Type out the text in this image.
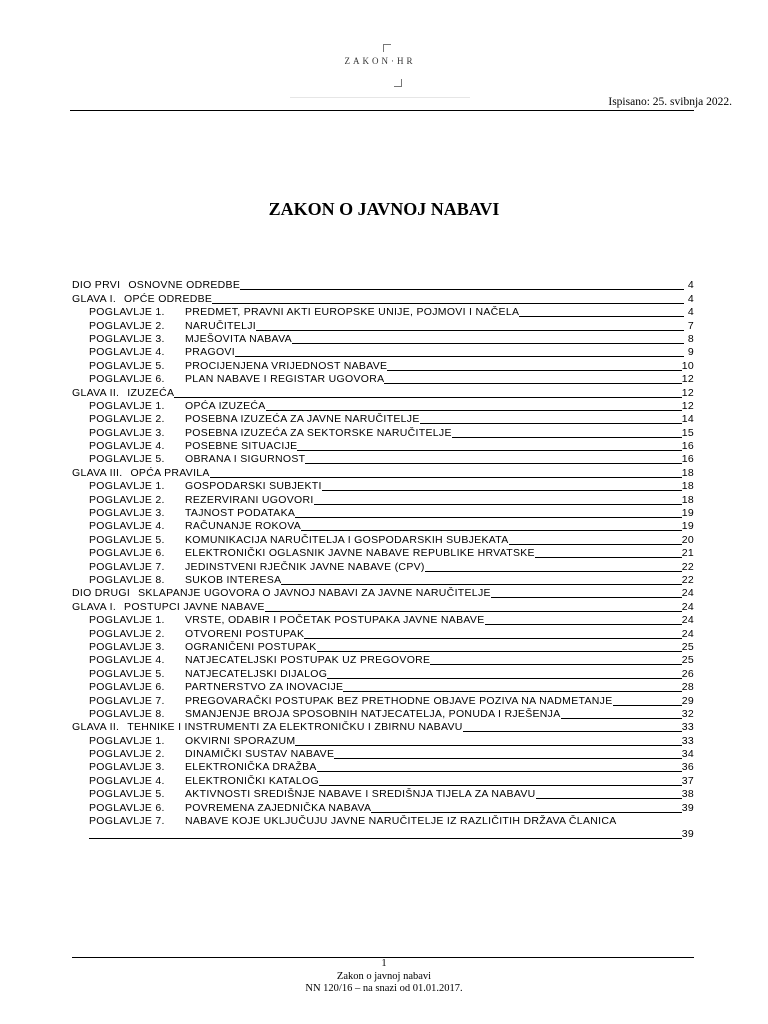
ZAKON·HR
Ispisano: 25. svibnja 2022.
ZAKON O JAVNOJ NABAVI
DIO PRVI OSNOVNE ODREDBE	4
GLAVA I. OPĆE ODREDBE	4
POGLAVLJE 1. PREDMET, PRAVNI AKTI EUROPSKE UNIJE, POJMOVI I NAČELA	4
POGLAVLJE 2. NARUČITELJI	7
POGLAVLJE 3. MJEŠOVITA NABAVA	8
POGLAVLJE 4. PRAGOVI	9
POGLAVLJE 5. PROCIJENJENA VRIJEDNOST NABAVE	10
POGLAVLJE 6. PLAN NABAVE I REGISTAR UGOVORA	12
GLAVA II. IZUZEĆA	12
POGLAVLJE 1. OPĆA IZUZEĆA	12
POGLAVLJE 2. POSEBNA IZUZEĆA ZA JAVNE NARUČITELJE	14
POGLAVLJE 3. POSEBNA IZUZEĆA ZA SEKTORSKE NARUČITELJE	15
POGLAVLJE 4. POSEBNE SITUACIJE	16
POGLAVLJE 5. OBRANA I SIGURNOST	16
GLAVA III. OPĆA PRAVILA	18
POGLAVLJE 1. GOSPODARSKI SUBJEKTI	18
POGLAVLJE 2. REZERVIRANI UGOVORI	18
POGLAVLJE 3. TAJNOST PODATAKA	19
POGLAVLJE 4. RAČUNANJE ROKOVA	19
POGLAVLJE 5. KOMUNIKACIJA NARUČITELJA I GOSPODARSKIH SUBJEKATA	20
POGLAVLJE 6. ELEKTRONIČKI OGLASNIK JAVNE NABAVE REPUBLIKE HRVATSKE	21
POGLAVLJE 7. JEDINSTVENI RJEČNIK JAVNE NABAVE (CPV)	22
POGLAVLJE 8. SUKOB INTERESA	22
DIO DRUGI SKLAPANJE UGOVORA O JAVNOJ NABAVI ZA JAVNE NARUČITELJE	24
GLAVA I. POSTUPCI JAVNE NABAVE	24
POGLAVLJE 1. VRSTE, ODABIR I POČETAK POSTUPAKA JAVNE NABAVE	24
POGLAVLJE 2. OTVORENI POSTUPAK	24
POGLAVLJE 3. OGRANIČENI POSTUPAK	25
POGLAVLJE 4. NATJECATELJSKI POSTUPAK UZ PREGOVORE	25
POGLAVLJE 5. NATJECATELJSKI DIJALOG	26
POGLAVLJE 6. PARTNERSTVO ZA INOVACIJE	28
POGLAVLJE 7. PREGOVARAČKI POSTUPAK BEZ PRETHODNE OBJAVE POZIVA NA NADMETANJE	29
POGLAVLJE 8. SMANJENJE BROJA SPOSOBNIH NATJECATELJA, PONUDA I RJEŠENJA	32
GLAVA II. TEHNIKE I INSTRUMENTI ZA ELEKTRONIČKU I ZBIRNU NABAVU	33
POGLAVLJE 1. OKVIRNI SPORAZUM	33
POGLAVLJE 2. DINAMIČKI SUSTAV NABAVE	34
POGLAVLJE 3. ELEKTRONIČKA DRAŽBA	36
POGLAVLJE 4. ELEKTRONIČKI KATALOG	37
POGLAVLJE 5. AKTIVNOSTI SREDIŠNJE NABAVE I SREDIŠNJA TIJELA ZA NABAVU	38
POGLAVLJE 6. POVREMENA ZAJEDNIČKA NABAVA	39
POGLAVLJE 7. NABAVE KOJE UKLJUČUJU JAVNE NARUČITELJE IZ RAZLIČITIH DRŽAVA ČLANICA
39
1
Zakon o javnoj nabavi
NN 120/16 – na snazi od 01.01.2017.
